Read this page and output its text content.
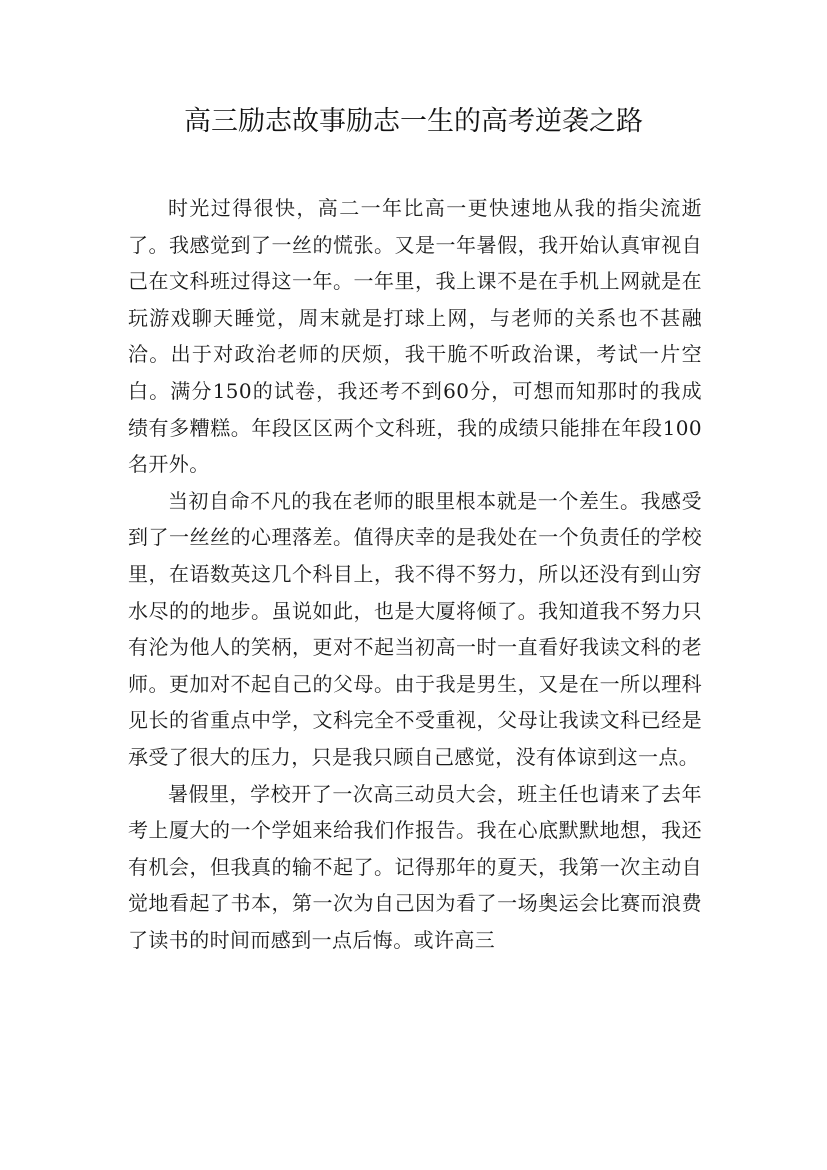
高三励志故事励志一生的高考逆袭之路

时光过得很快，高二一年比高一更快速地从我的指尖流逝了。我感觉到了一丝的慌张。又是一年暑假，我开始认真审视自己在文科班过得这一年。一年里，我上课不是在手机上网就是在玩游戏聊天睡觉，周末就是打球上网，与老师的关系也不甚融洽。出于对政治老师的厌烦，我干脆不听政治课，考试一片空白。满分150的试卷，我还考不到60分，可想而知那时的我成绩有多糟糕。年段区区两个文科班，我的成绩只能排在年段100名开外。

当初自命不凡的我在老师的眼里根本就是一个差生。我感受到了一丝丝的心理落差。值得庆幸的是我处在一个负责任的学校里，在语数英这几个科目上，我不得不努力，所以还没有到山穷水尽的的地步。虽说如此，也是大厦将倾了。我知道我不努力只有沦为他人的笑柄，更对不起当初高一时一直看好我读文科的老师。更加对不起自己的父母。由于我是男生，又是在一所以理科见长的省重点中学，文科完全不受重视，父母让我读文科已经是承受了很大的压力，只是我只顾自己感觉，没有体谅到这一点。

暑假里，学校开了一次高三动员大会，班主任也请来了去年考上厦大的一个学姐来给我们作报告。我在心底默默地想，我还有机会，但我真的输不起了。记得那年的夏天，我第一次主动自觉地看起了书本，第一次为自己因为看了一场奥运会比赛而浪费了读书的时间而感到一点后悔。或许高三
